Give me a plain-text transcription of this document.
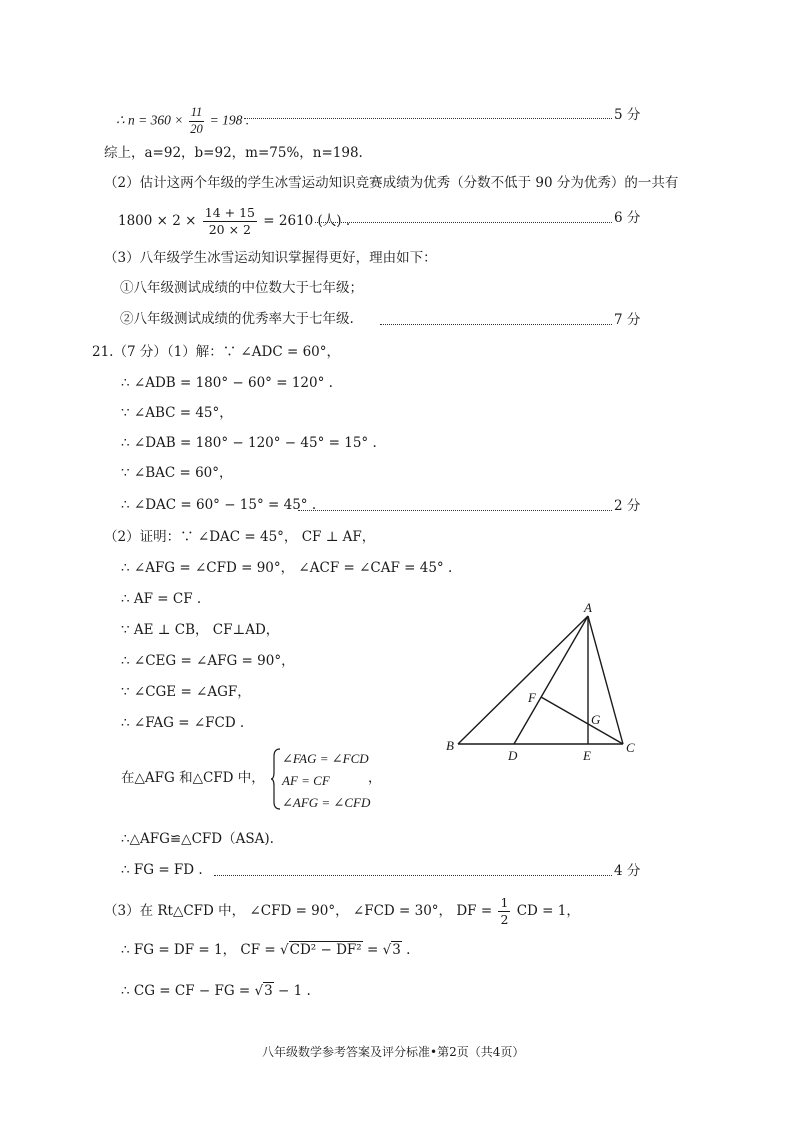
∴ $n = 360 \times \frac{11}{20} = 198$ .	5 分
综上，a=92，b=92，m=75%，n=198.
（2）估计这两个年级的学生冰雪运动知识竞赛成绩为优秀（分数不低于 90 分为优秀）的一共有
$1800 \times 2 \times \frac{14 + 15}{20 \times 2} = 2610$ (人) .	6 分
（3）八年级学生冰雪运动知识掌握得更好，理由如下：
①八年级测试成绩的中位数大于七年级；
②八年级测试成绩的优秀率大于七年级.	7 分
21.（7 分）（1）解：∵ ∠ADC = 60°，
∴ ∠ADB = 180° − 60° = 120° .
∵ ∠ABC = 45°，
∴ ∠DAB = 180° − 120° − 45° = 15° .
∵ ∠BAC = 60°，
∴ ∠DAC = 60° − 15° = 45° .	2 分
（2）证明：∵ ∠DAC = 45°， CF ⊥ AF，
∴ ∠AFG = ∠CFD = 90°， ∠ACF = ∠CAF = 45° .
∴ AF = CF .
∵ AE ⊥ CB， CF⊥AD，
∴ ∠CEG = ∠AFG = 90°，
∵ ∠CGE = ∠AGF，
∴ ∠FAG = ∠FCD .
在△AFG 和△CFD 中，
∠FAG = ∠FCD
AF = CF
∠AFG = ∠CFD
，
∴△AFG≌△CFD（ASA).
∴ FG = FD .	4 分
（3）在 Rt△CFD 中， ∠CFD = 90°， ∠FCD = 30°， DF = $\frac{1}{2}$ CD = 1，
∴ FG = DF = 1， CF = √CD² − DF² = √3 .
∴ CG = CF − FG = √3 − 1 .
A
B	C
D	E
F
G
八年级数学参考答案及评分标准•第2页（共4页）
